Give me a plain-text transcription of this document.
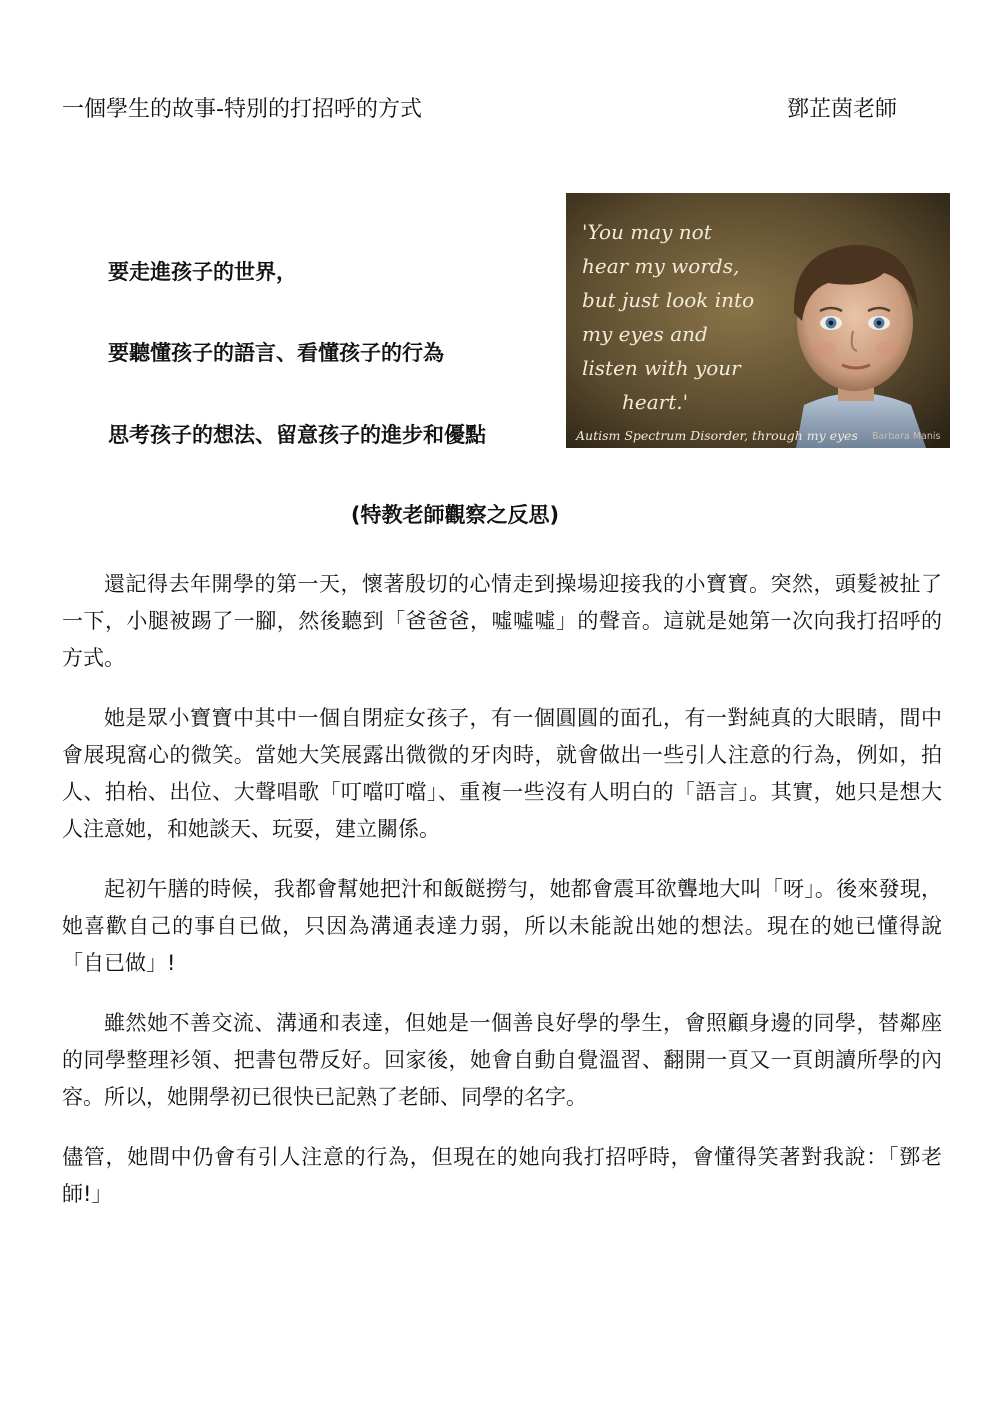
一個學生的故事-特別的打招呼的方式	鄧芷茵老師
要走進孩子的世界，
要聽懂孩子的語言、看懂孩子的行為
思考孩子的想法、留意孩子的進步和優點
'You may not
hear my words,
but just look into
my eyes and
listen with your
heart.'
Autism Spectrum Disorder, through my eyes Barbara Manis
(特教老師觀察之反思)

還記得去年開學的第一天，懷著殷切的心情走到操場迎接我的小寶寶。突然，頭髮被扯了一下，小腿被踢了一腳，然後聽到「爸爸爸，噓噓噓」的聲音。這就是她第一次向我打招呼的方式。

她是眾小寶寶中其中一個自閉症女孩子，有一個圓圓的面孔，有一對純真的大眼睛，間中會展現窩心的微笑。當她大笑展露出微微的牙肉時，就會做出一些引人注意的行為，例如，拍人、拍枱、出位、大聲唱歌「叮噹叮噹」、重複一些沒有人明白的「語言」。其實，她只是想大人注意她，和她談天、玩耍，建立關係。

起初午膳的時候，我都會幫她把汁和飯餸撈勻，她都會震耳欲聾地大叫「呀」。後來發現，她喜歡自己的事自已做，只因為溝通表達力弱，所以未能說出她的想法。現在的她已懂得說「自已做」!

雖然她不善交流、溝通和表達，但她是一個善良好學的學生，會照顧身邊的同學，替鄰座的同學整理衫領、把書包帶反好。回家後，她會自動自覺溫習、翻開一頁又一頁朗讀所學的內容。所以，她開學初已很快已記熟了老師、同學的名字。

儘管，她間中仍會有引人注意的行為，但現在的她向我打招呼時，會懂得笑著對我說：「鄧老師!」
